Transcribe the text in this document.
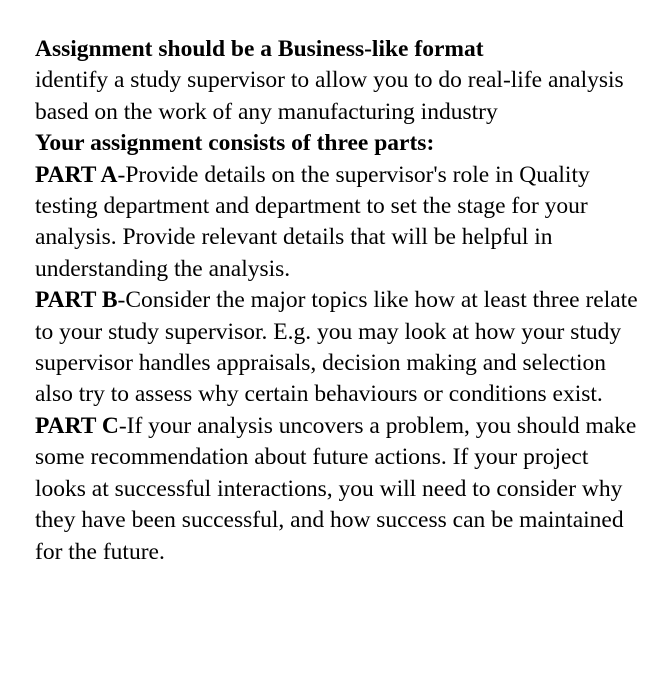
Assignment should be a Business-like format

identify a study supervisor to allow you to do real-life analysis based on the work of any manufacturing industry

Your assignment consists of three parts:

PART A-Provide details on the supervisor's role in Quality testing department and department to set the stage for your analysis. Provide relevant details that will be helpful in understanding the analysis.

PART B-Consider the major topics like how at least three relate to your study supervisor. E.g. you may look at how your study supervisor handles appraisals, decision making and selection also try to assess why certain behaviours or conditions exist.

PART C-If your analysis uncovers a problem, you should make some recommendation about future actions. If your project looks at successful interactions, you will need to consider why they have been successful, and how success can be maintained for the future.
